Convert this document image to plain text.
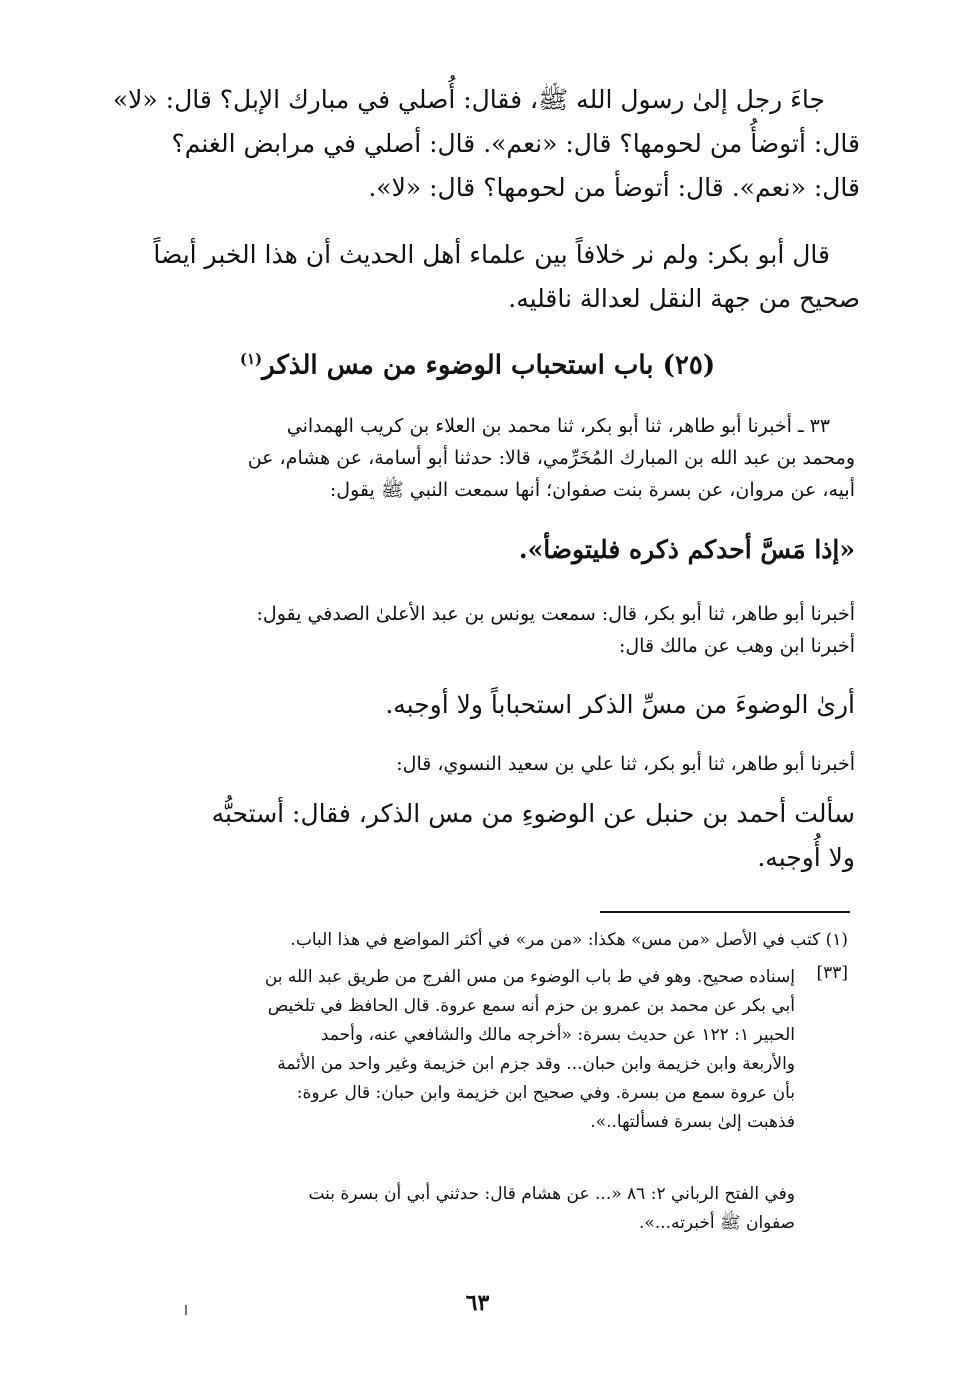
جاءَ رجل إلىٰ رسول الله ﷺ، فقال: أُصلي في مبارك الإبل؟ قال: «لا»
قال: أتوضأُ من لحومها؟ قال: «نعم». قال: أصلي في مرابض الغنم؟
قال: «نعم». قال: أتوضأ من لحومها؟ قال: «لا».
قال أبو بكر: ولم نر خلافاً بين علماء أهل الحديث أن هذا الخبر أيضاً
صحيح من جهة النقل لعدالة ناقليه.
(٢٥) باب استحباب الوضوء من مس الذكر$^{(١)}$
٣٣ ـ أخبرنا أبو طاهر، ثنا أبو بكر، ثنا محمد بن العلاء بن كريب الهمداني
ومحمد بن عبد الله بن المبارك المُخَرِّمي، قالا: حدثنا أبو أسامة، عن هشام، عن
أبيه، عن مروان، عن بسرة بنت صفوان؛ أنها سمعت النبي ﷺ يقول:
«إذا مَسَّ أحدكم ذكره فليتوضأ».
أخبرنا أبو طاهر، ثنا أبو بكر، قال: سمعت يونس بن عبد الأعلىٰ الصدفي يقول:
أخبرنا ابن وهب عن مالك قال:
أرىٰ الوضوءَ من مسِّ الذكر استحباباً ولا أوجبه.
أخبرنا أبو طاهر، ثنا أبو بكر، ثنا علي بن سعيد النسوي، قال:
سألت أحمد بن حنبل عن الوضوءِ من مس الذكر، فقال: أستحبُّه
ولا أُوجبه.
(١) كتب في الأصل «من مس» هكذا: «من مر» في أكثر المواضع في هذا الباب.
[٣٣]
إسناده صحيح. وهو في ط باب الوضوء من مس الفرج من طريق عبد الله بن
أبي بكر عن محمد بن عمرو بن حزم أنه سمع عروة. قال الحافظ في تلخيص
الحبير ١: ١٢٢ عن حديث بسرة: «أخرجه مالك والشافعي عنه، وأحمد
والأربعة وابن خزيمة وابن حبان... وقد جزم ابن خزيمة وغير واحد من الأئمة
بأن عروة سمع من بسرة. وفي صحيح ابن خزيمة وابن حبان: قال عروة:
فذهبت إلىٰ بسرة فسألتها..».
وفي الفتح الرباني ٢: ٨٦ «... عن هشام قال: حدثني أبي أن بسرة بنت
صفوان ﷺ أخبرته...».
٦٣
